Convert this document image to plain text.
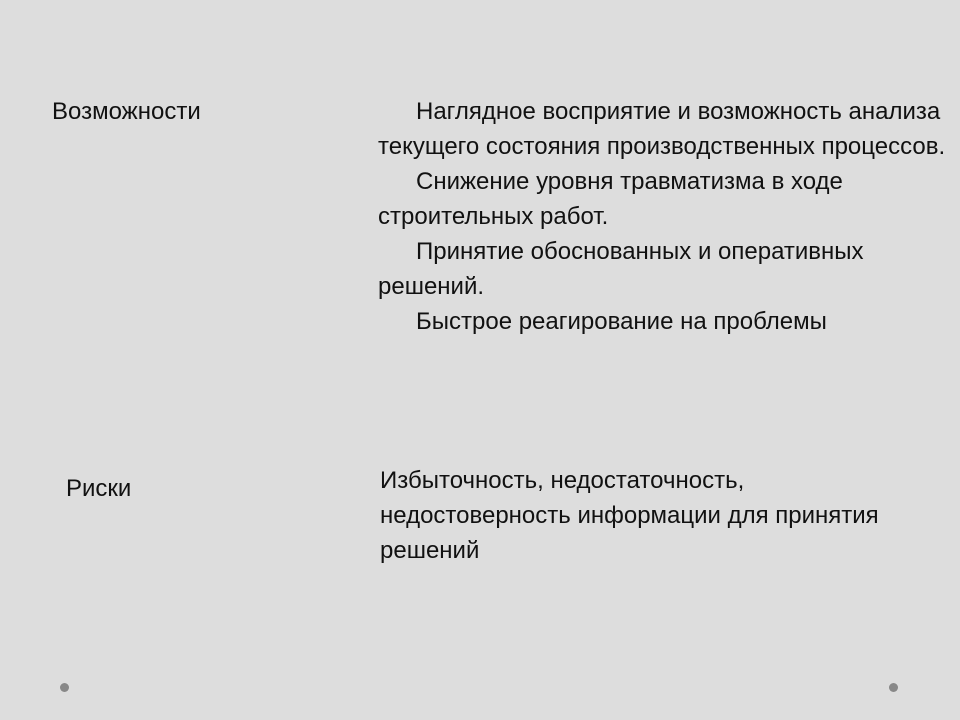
Возможности	Наглядное восприятие и возможность анализа текущего состояния производственных процессов.

Снижение уровня травматизма в ходе строительных работ.

Принятие обоснованных и оперативных решений.

Быстрое реагирование на проблемы

Риски	Избыточность, недостаточность, недостоверность информации для принятия решений
